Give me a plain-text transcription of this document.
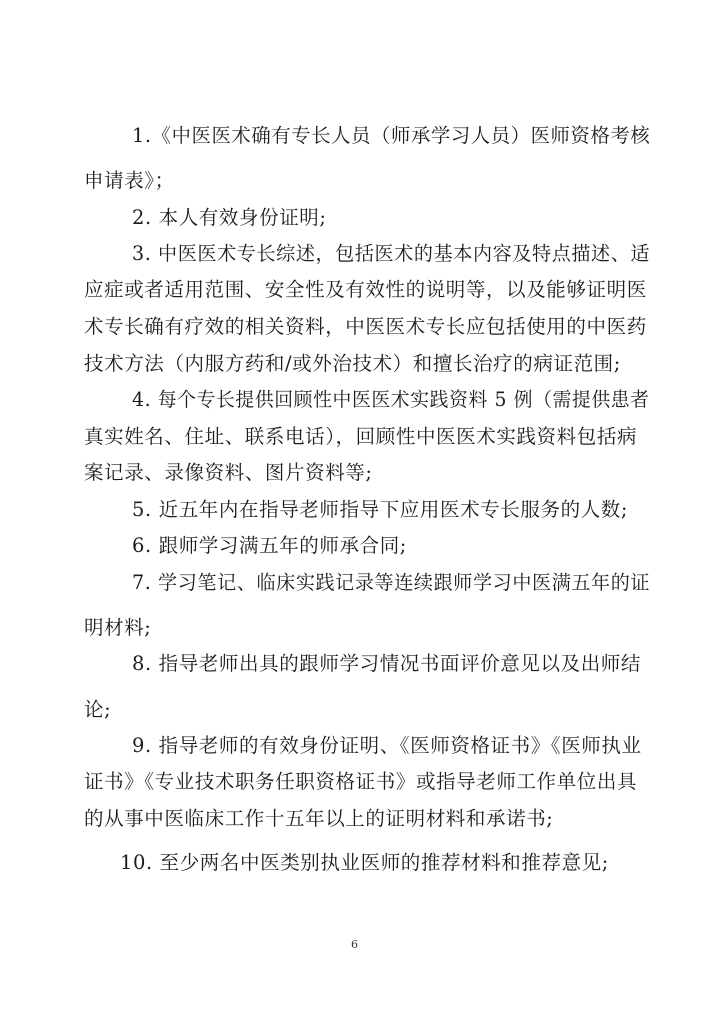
1.《中医医术确有专长人员（师承学习人员）医师资格考核
申请表》；
2. 本人有效身份证明;
3. 中医医术专长综述，包括医术的基本内容及特点描述、适
应症或者适用范围、安全性及有效性的说明等，以及能够证明医
术专长确有疗效的相关资料，中医医术专长应包括使用的中医药
技术方法（内服方药和/或外治技术）和擅长治疗的病证范围;
4. 每个专长提供回顾性中医医术实践资料 5 例（需提供患者
真实姓名、住址、联系电话），回顾性中医医术实践资料包括病
案记录、录像资料、图片资料等;
5. 近五年内在指导老师指导下应用医术专长服务的人数;
6. 跟师学习满五年的师承合同;
7. 学习笔记、临床实践记录等连续跟师学习中医满五年的证
明材料;
8. 指导老师出具的跟师学习情况书面评价意见以及出师结
论;
9. 指导老师的有效身份证明、《医师资格证书》《医师执业
证书》《专业技术职务任职资格证书》或指导老师工作单位出具
的从事中医临床工作十五年以上的证明材料和承诺书;
10. 至少两名中医类别执业医师的推荐材料和推荐意见;
6
